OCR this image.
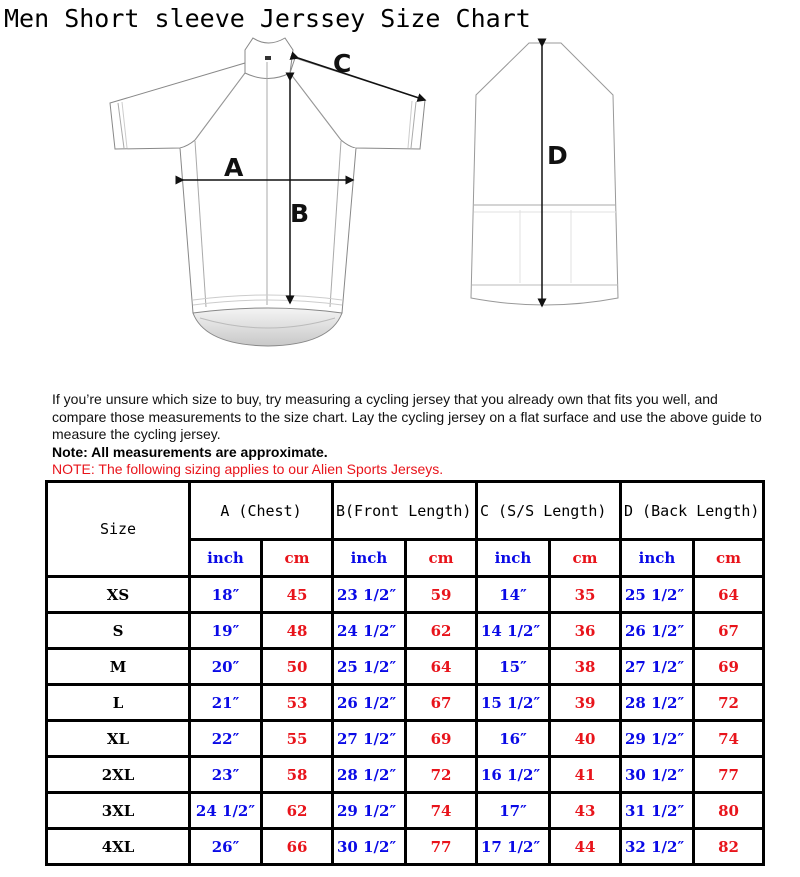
Men Short sleeve Jerssey Size Chart
A
B
C
D
If you’re unsure which size to buy, try measuring a cycling jersey that you already own that fits you well, and compare those measurements to the size chart. Lay the cycling jersey on a flat surface and use the above guide to measure the cycling jersey.
Note: All measurements are approximate.
NOTE: The following sizing applies to our Alien Sports Jerseys.
Size	A (Chest)		B(Front Length)		C (S/S Length)		D (Back Length)	
	inch	cm	inch	cm	inch	cm	inch	cm
XS	18″	45	23 1/2″	59	14″	35	25 1/2″	64
S	19″	48	24 1/2″	62	14 1/2″	36	26 1/2″	67
M	20″	50	25 1/2″	64	15″	38	27 1/2″	69
L	21″	53	26 1/2″	67	15 1/2″	39	28 1/2″	72
XL	22″	55	27 1/2″	69	16″	40	29 1/2″	74
2XL	23″	58	28 1/2″	72	16 1/2″	41	30 1/2″	77
3XL	24 1/2″	62	29 1/2″	74	17″	43	31 1/2″	80
4XL	26″	66	30 1/2″	77	17 1/2″	44	32 1/2″	82
